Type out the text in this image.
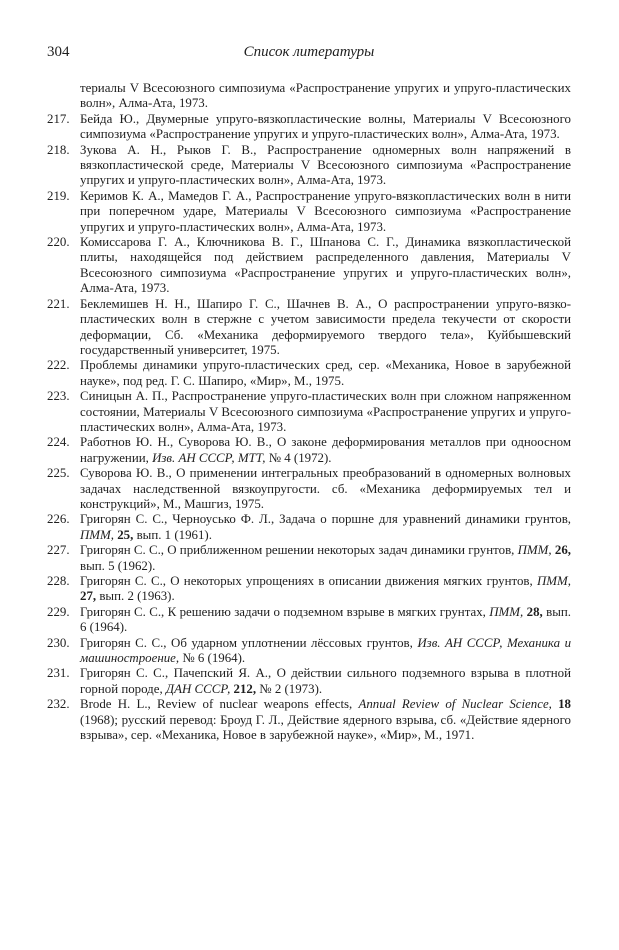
304	Список литературы
териалы V Всесоюзного симпозиума «Распространение упругих и упруго-пластических волн», Алма-Ата, 1973.
217. Бейда Ю., Двумерные упруго-вязкопластические волны, Материалы V Всесоюзного симпозиума «Распространение упругих и упруго-пластических волн», Алма-Ата, 1973.
218. Зукова А. Н., Рыков Г. В., Распространение одномерных волн напряжений в вязкопластической среде, Материалы V Всесоюзного симпозиума «Распространение упругих и упруго-пластических волн», Алма-Ата, 1973.
219. Керимов К. А., Мамедов Г. А., Распространение упруго-вязкопластических волн в нити при поперечном ударе, Материалы V Всесоюзного симпозиума «Распространение упругих и упруго-пластических волн», Алма-Ата, 1973.
220. Комиссарова Г. А., Ключникова В. Г., Шпанова С. Г., Динамика вязкопластической плиты, находящейся под действием распределенного давления, Материалы V Всесоюзного симпозиума «Распространение упругих и упруго-пластических волн», Алма-Ата, 1973.
221. Беклемишев Н. Н., Шапиро Г. С., Шачнев В. А., О распространении упруго-вязко-пластических волн в стержне с учетом зависимости предела текучести от скорости деформации, Сб. «Механика деформируемого твердого тела», Куйбышевский государственный университет, 1975.
222. Проблемы динамики упруго-пластических сред, сер. «Механика, Новое в зарубежной науке», под ред. Г. С. Шапиро, «Мир», М., 1975.
223. Синицын А. П., Распространение упруго-пластических волн при сложном напряженном состоянии, Материалы V Всесоюзного симпозиума «Распространение упругих и упруго-пластических волн», Алма-Ата, 1973.
224. Работнов Ю. Н., Суворова Ю. В., О законе деформирования металлов при одноосном нагружении, Изв. АН СССР, МТТ, № 4 (1972).
225. Суворова Ю. В., О применении интегральных преобразований в одномерных волновых задачах наследственной вязкоупругости. сб. «Механика деформируемых тел и конструкций», М., Машгиз, 1975.
226. Григорян С. С., Черноусько Ф. Л., Задача о поршне для уравнений динамики грунтов, ПММ, 25, вып. 1 (1961).
227. Григорян С. С., О приближенном решении некоторых задач динамики грунтов, ПММ, 26, вып. 5 (1962).
228. Григорян С. С., О некоторых упрощениях в описании движения мягких грунтов, ПММ, 27, вып. 2 (1963).
229. Григорян С. С., К решению задачи о подземном взрыве в мягких грунтах, ПММ, 28, вып. 6 (1964).
230. Григорян С. С., Об ударном уплотнении лёссовых грунтов, Изв. АН СССР, Механика и машиностроение, № 6 (1964).
231. Григорян С. С., Пачепский Я. А., О действии сильного подземного взрыва в плотной горной породе, ДАН СССР, 212, № 2 (1973).
232. Brode H. L., Review of nuclear weapons effects, Annual Review of Nuclear Science, 18 (1968); русский перевод: Броуд Г. Л., Действие ядерного взрыва, сб. «Действие ядерного взрыва», сер. «Механика, Новое в зарубежной науке», «Мир», М., 1971.
